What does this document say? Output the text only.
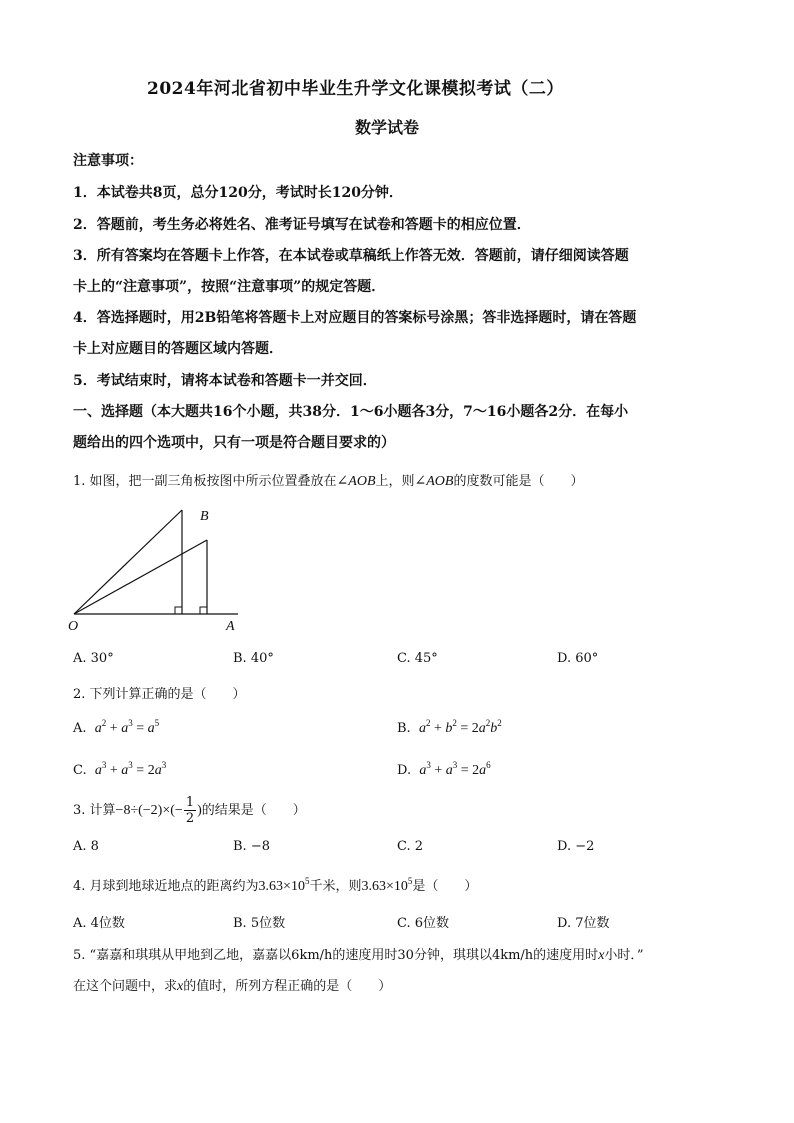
2024年河北省初中毕业生升学文化课模拟考试（二）
数学试卷
注意事项：
1．本试卷共8页，总分120分，考试时长120分钟．
2．答题前，考生务必将姓名、准考证号填写在试卷和答题卡的相应位置．
3．所有答案均在答题卡上作答，在本试卷或草稿纸上作答无效．答题前，请仔细阅读答题
卡上的“注意事项”，按照“注意事项”的规定答题．
4．答选择题时，用2B铅笔将答题卡上对应题目的答案标号涂黑；答非选择题时，请在答题
卡上对应题目的答题区域内答题．
5．考试结束时，请将本试卷和答题卡一并交回．
一、选择题（本大题共16个小题，共38分．1～6小题各3分，7～16小题各2分．在每小
题给出的四个选项中，只有一项是符合题目要求的）
1. 如图，把一副三角板按图中所示位置叠放在∠AOB上，则∠AOB的度数可能是（　　）
B
O	A
A. 30°	B. 40°	C. 45°	D. 60°
2. 下列计算正确的是（　　）
A. $a^2 + a^3 = a^5$	B. $a^2 + b^2 = 2a^2b^2$
C. $a^3 + a^3 = 2a^3$	D. $a^3 + a^3 = 2a^6$
3. 计算$-8\div(-2)\times(- \frac{1}{2}$ )的结果是（　　）
A. 8	B. −8	C. 2	D. −2
4. 月球到地球近地点的距离约为$3.63\times 10^5$千米，则$3.63\times 10^5$是（　　）
A. 4位数	B. 5位数	C. 6位数	D. 7位数
5. “嘉嘉和琪琪从甲地到乙地，嘉嘉以6km/h的速度用时30分钟，琪琪以4km/h的速度用时x小时．”
在这个问题中，求x的值时，所列方程正确的是（　　）
